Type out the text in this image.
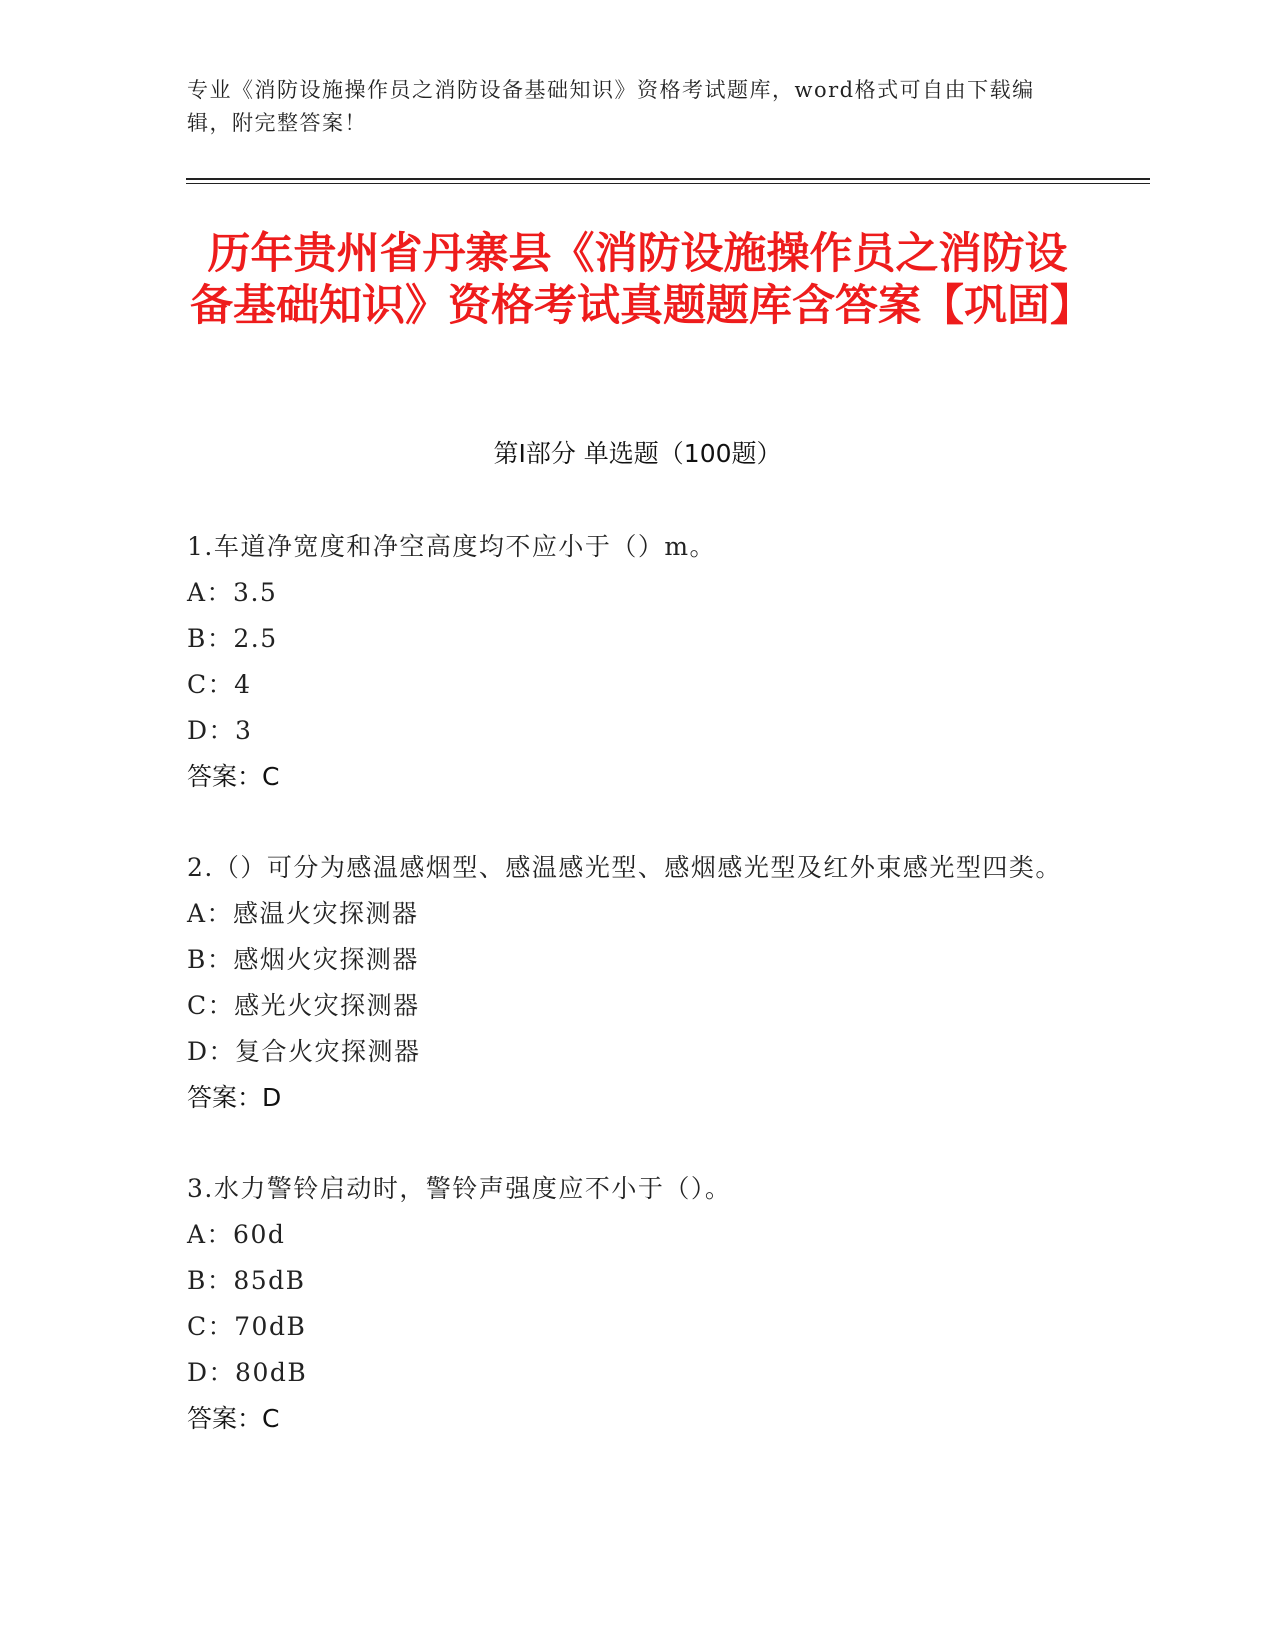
专业《消防设施操作员之消防设备基础知识》资格考试题库，word格式可自由下载编辑，附完整答案！
历年贵州省丹寨县《消防设施操作员之消防设备基础知识》资格考试真题题库含答案【巩固】
第Ⅰ部分 单选题（100题）
1.车道净宽度和净空高度均不应小于（）m。
A：3.5
B：2.5
C：4
D：3
答案：C
2.（）可分为感温感烟型、感温感光型、感烟感光型及红外束感光型四类。
A：感温火灾探测器
B：感烟火灾探测器
C：感光火灾探测器
D：复合火灾探测器
答案：D
3.水力警铃启动时，警铃声强度应不小于（）。
A：60d
B：85dB
C：70dB
D：80dB
答案：C
